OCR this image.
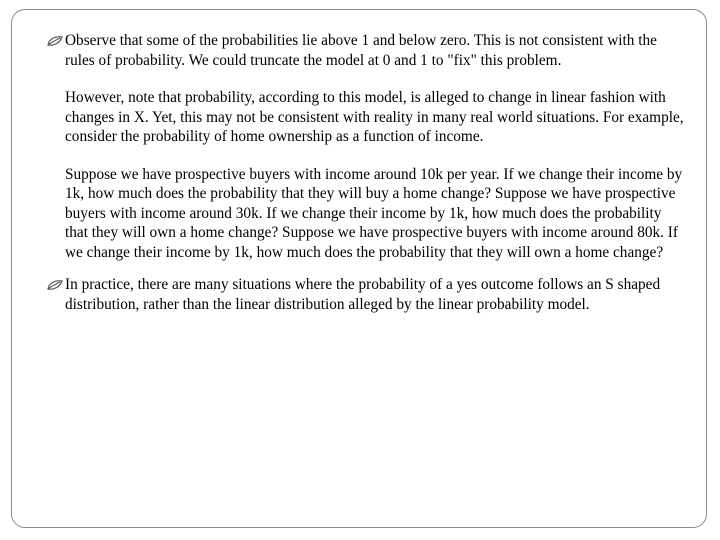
Observe that some of the probabilities lie above 1 and below zero. This is not consistent with the rules of probability. We could truncate the model at 0 and 1 to "fix" this problem.
However, note that probability, according to this model, is alleged to change in linear fashion with changes in X. Yet, this may not be consistent with reality in many real world situations. For example, consider the probability of home ownership as a function of income.
Suppose we have prospective buyers with income around 10k per year. If we change their income by 1k, how much does the probability that they will buy a home change? Suppose we have prospective buyers with income around 30k. If we change their income by 1k, how much does the probability that they will own a home change? Suppose we have prospective buyers with income around 80k. If we change their income by 1k, how much does the probability that they will own a home change?
In practice, there are many situations where the probability of a yes outcome follows an S shaped distribution, rather than the linear distribution alleged by the linear probability model.
